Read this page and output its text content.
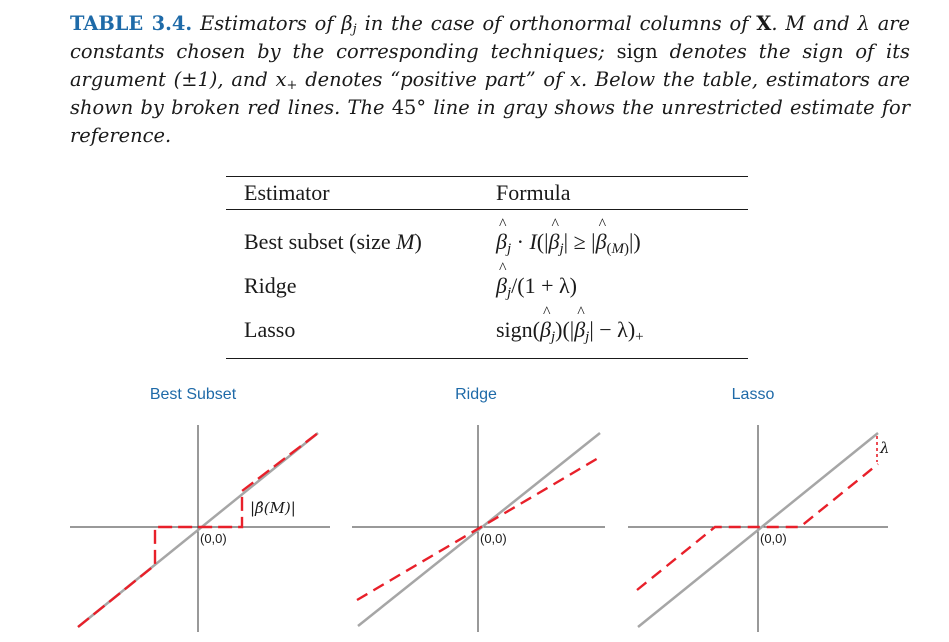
TABLE 3.4. Estimators of $\beta_j$ in the case of orthonormal columns of X. M and λ are constants chosen by the corresponding techniques; sign denotes the sign of its argument (±1), and $x_+$ denotes “positive part” of x. Below the table, estimators are shown by broken red lines. The 45° line in gray shows the unrestricted estimate for reference.
Estimator	Formula
Best subset (size M)	^ $\beta_j$ · I(|^ $\beta_j|$ ≥ |^ $\beta_{(M)}|$)
Ridge	^ $\beta_j/(1 + \lambda)$
Lasso	sign(^ $\beta_j)(|\^{}$ $\beta_j| - \lambda)_+$
Best Subset	Ridge	Lasso
(0,0)
|β̂(M)|
(0,0)	(0,0)
λ
